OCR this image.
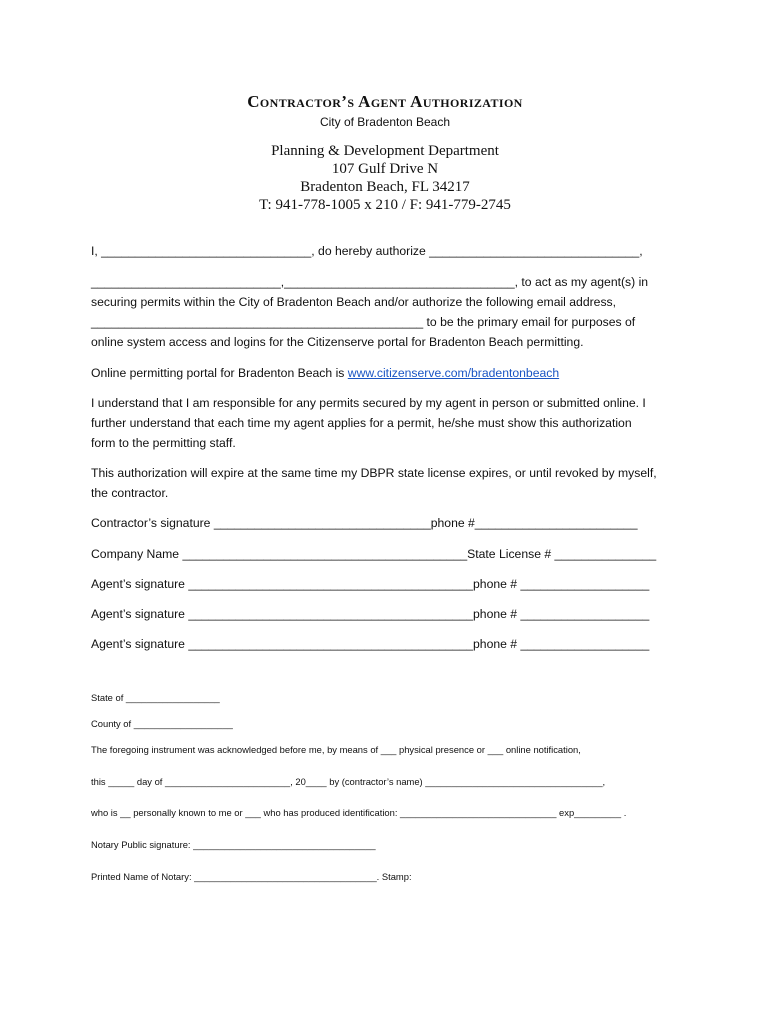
Contractor’s Agent Authorization
City of Bradenton Beach
Planning & Development Department
107 Gulf Drive N
Bradenton Beach, FL 34217
T: 941-778-1005 x 210 / F: 941-779-2745
I, _______________________________, do hereby authorize _______________________________,
____________________________,__________________________________, to act as my agent(s) in
securing permits within the City of Bradenton Beach and/or authorize the following email address,
_________________________________________________ to be the primary email for purposes of
online system access and logins for the Citizenserve portal for Bradenton Beach permitting.
Online permitting portal for Bradenton Beach is www.citizenserve.com/bradentonbeach
I understand that I am responsible for any permits secured by my agent in person or submitted online. I
further understand that each time my agent applies for a permit, he/she must show this authorization
form to the permitting staff.
This authorization will expire at the same time my DBPR state license expires, or until revoked by myself,
the contractor.
Contractor’s signature ________________________________phone #________________________
Company Name __________________________________________State License # _______________
Agent’s signature __________________________________________phone # ___________________
Agent’s signature __________________________________________phone # ___________________
Agent’s signature __________________________________________phone # ___________________
State of __________________
County of ___________________
The foregoing instrument was acknowledged before me, by means of ___ physical presence or ___ online notification,
this _____ day of ________________________, 20____ by (contractor’s name) __________________________________,
who is __ personally known to me or ___ who has produced identification: ______________________________ exp_________ .
Notary Public signature: ___________________________________
Printed Name of Notary: ___________________________________. Stamp:
